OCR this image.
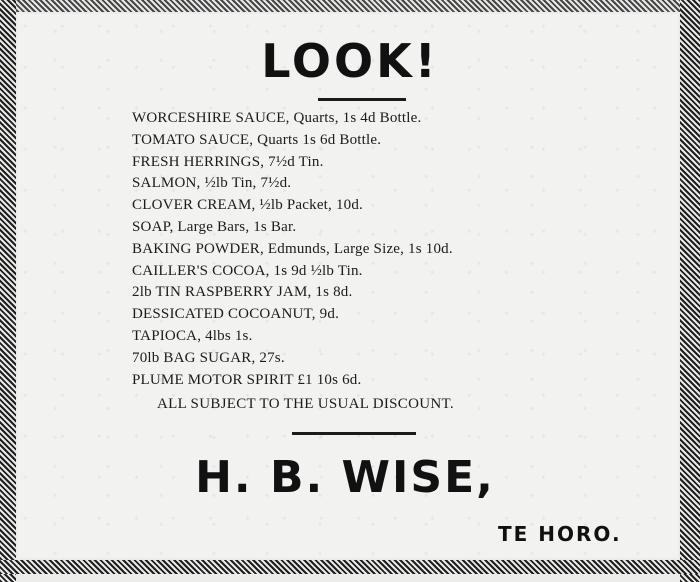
LOOK!
WORCESHIRE SAUCE, Quarts, 1s 4d Bottle.
TOMATO SAUCE, Quarts 1s 6d Bottle.
FRESH HERRINGS, 7½d Tin.
SALMON, ½lb Tin, 7½d.
CLOVER CREAM, ½lb Packet, 10d.
SOAP, Large Bars, 1s Bar.
BAKING POWDER, Edmunds, Large Size, 1s 10d.
CAILLER'S COCOA, 1s 9d ½lb Tin.
2lb TIN RASPBERRY JAM, 1s 8d.
DESSICATED COCOANUT, 9d.
TAPIOCA, 4lbs 1s.
70lb BAG SUGAR, 27s.
PLUME MOTOR SPIRIT £1 10s 6d.
ALL SUBJECT TO THE USUAL DISCOUNT.
H. B. WISE,
TE HORO.
